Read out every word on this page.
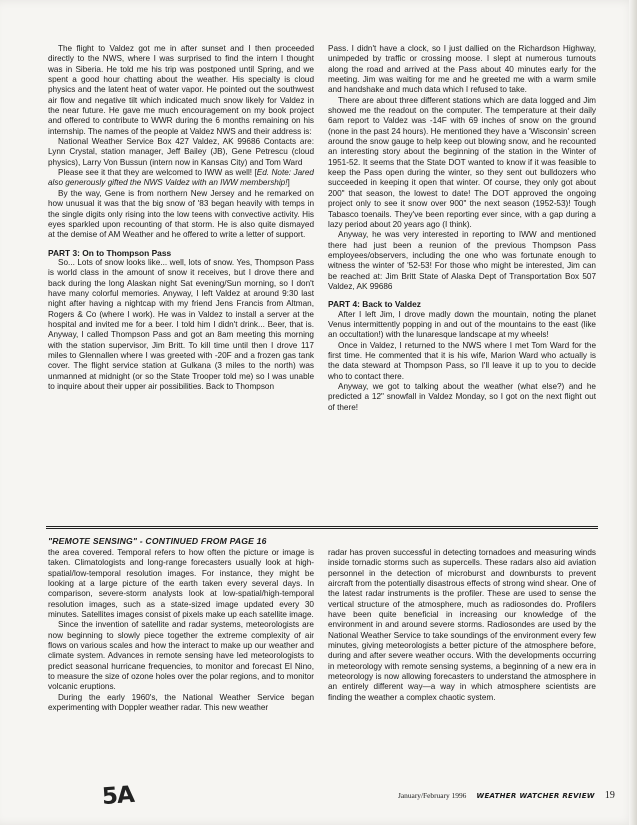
The flight to Valdez got me in after sunset and I then proceeded directly to the NWS, where I was surprised to find the intern I thought was in Siberia. He told me his trip was postponed until Spring, and we spent a good hour chatting about the weather. His specialty is cloud physics and the latent heat of water vapor. He pointed out the southwest air flow and negative tilt which indicated much snow likely for Valdez in the near future. He gave me much encouragement on my book project and offered to contribute to WWR during the 6 months remaining on his internship. The names of the people at Valdez NWS and their address is:

National Weather Service Box 427 Valdez, AK 99686 Contacts are: Lynn Crystal, station manager, Jeff Bailey (JB), Gene Petrescu (cloud physics), Larry Von Bussun (intern now in Kansas City) and Tom Ward

Please see it that they are welcomed to IWW as well! [Ed. Note: Jared also generously gifted the NWS Valdez with an IWW membership!]

By the way, Gene is from northern New Jersey and he remarked on how unusual it was that the big snow of '83 began heavily with temps in the single digits only rising into the low teens with convective activity. His eyes sparkled upon recounting of that storm. He is also quite dismayed at the demise of AM Weather and he offered to write a letter of support.

PART 3: On to Thompson Pass

So... Lots of snow looks like... well, lots of snow. Yes, Thompson Pass is world class in the amount of snow it receives, but I drove there and back during the long Alaskan night Sat evening/Sun morning, so I don't have many colorful memories. Anyway, I left Valdez at around 9:30 last night after having a nightcap with my friend Jens Francis from Altman, Rogers & Co (where I work). He was in Valdez to install a server at the hospital and invited me for a beer. I told him I didn't drink... Beer, that is. Anyway, I called Thompson Pass and got an 8am meeting this morning with the station supervisor, Jim Britt. To kill time until then I drove 117 miles to Glennallen where I was greeted with -20F and a frozen gas tank cover. The flight service station at Gulkana (3 miles to the north) was unmanned at midnight (or so the State Trooper told me) so I was unable to inquire about their upper air possibilities. Back to Thompson

Pass. I didn't have a clock, so I just dallied on the Richardson Highway, unimpeded by traffic or crossing moose. I slept at numerous turnouts along the road and arrived at the Pass about 40 minutes early for the meeting. Jim was waiting for me and he greeted me with a warm smile and handshake and much data which I refused to take.

There are about three different stations which are data logged and Jim showed me the readout on the computer. The temperature at their daily 6am report to Valdez was -14F with 69 inches of snow on the ground (none in the past 24 hours). He mentioned they have a 'Wisconsin' screen around the snow gauge to help keep out blowing snow, and he recounted an interesting story about the beginning of the station in the Winter of 1951-52. It seems that the State DOT wanted to know if it was feasible to keep the Pass open during the winter, so they sent out bulldozers who succeeded in keeping it open that winter. Of course, they only got about 200" that season, the lowest to date! The DOT approved the ongoing project only to see it snow over 900" the next season (1952-53)! Tough Tabasco toenails. They've been reporting ever since, with a gap during a lazy period about 20 years ago (I think).

Anyway, he was very interested in reporting to IWW and mentioned there had just been a reunion of the previous Thompson Pass employees/observers, including the one who was fortunate enough to witness the winter of '52-53! For those who might be interested, Jim can be reached at: Jim Britt State of Alaska Dept of Transportation Box 507 Valdez, AK 99686

PART 4: Back to Valdez

After I left Jim, I drove madly down the mountain, noting the planet Venus intermittently popping in and out of the mountains to the east (like an occultation!) with the lunaresque landscape at my wheels!

Once in Valdez, I returned to the NWS where I met Tom Ward for the first time. He commented that it is his wife, Marion Ward who actually is the data steward at Thompson Pass, so I'll leave it up to you to decide who to contact there.

Anyway, we got to talking about the weather (what else?) and he predicted a 12" snowfall in Valdez Monday, so I got on the next flight out of there!

"REMOTE SENSING" - CONTINUED FROM PAGE 16

the area covered. Temporal refers to how often the picture or image is taken. Climatologists and long-range forecasters usually look at high-spatial/low-temporal resolution images. For instance, they might be looking at a large picture of the earth taken every several days. In comparison, severe-storm analysts look at low-spatial/high-temporal resolution images, such as a state-sized image updated every 30 minutes. Satellites images consist of pixels make up each satellite image.

Since the invention of satellite and radar systems, meteorologists are now beginning to slowly piece together the extreme complexity of air flows on various scales and how the interact to make up our weather and climate system. Advances in remote sensing have led meteorologists to predict seasonal hurricane frequencies, to monitor and forecast El Nino, to measure the size of ozone holes over the polar regions, and to monitor volcanic eruptions.

During the early 1960's, the National Weather Service began experimenting with Doppler weather radar. This new weather

radar has proven successful in detecting tornadoes and measuring winds inside tornadic storms such as supercells. These radars also aid aviation personnel in the detection of microburst and downbursts to prevent aircraft from the potentially disastrous effects of strong wind shear. One of the latest radar instruments is the profiler. These are used to sense the vertical structure of the atmosphere, much as radiosondes do. Profilers have been quite beneficial in increasing our knowledge of the environment in and around severe storms. Radiosondes are used by the National Weather Service to take soundings of the environment every few minutes, giving meteorologists a better picture of the atmosphere before, during and after severe weather occurs. With the developments occurring in meteorology with remote sensing systems, a beginning of a new era in meteorology is now allowing forecasters to understand the atmosphere in an entirely different way—a way in which atmosphere scientists are finding the weather a complex chaotic system.

January/February 1996 WEATHER WATCHER REVIEW 19
5A
